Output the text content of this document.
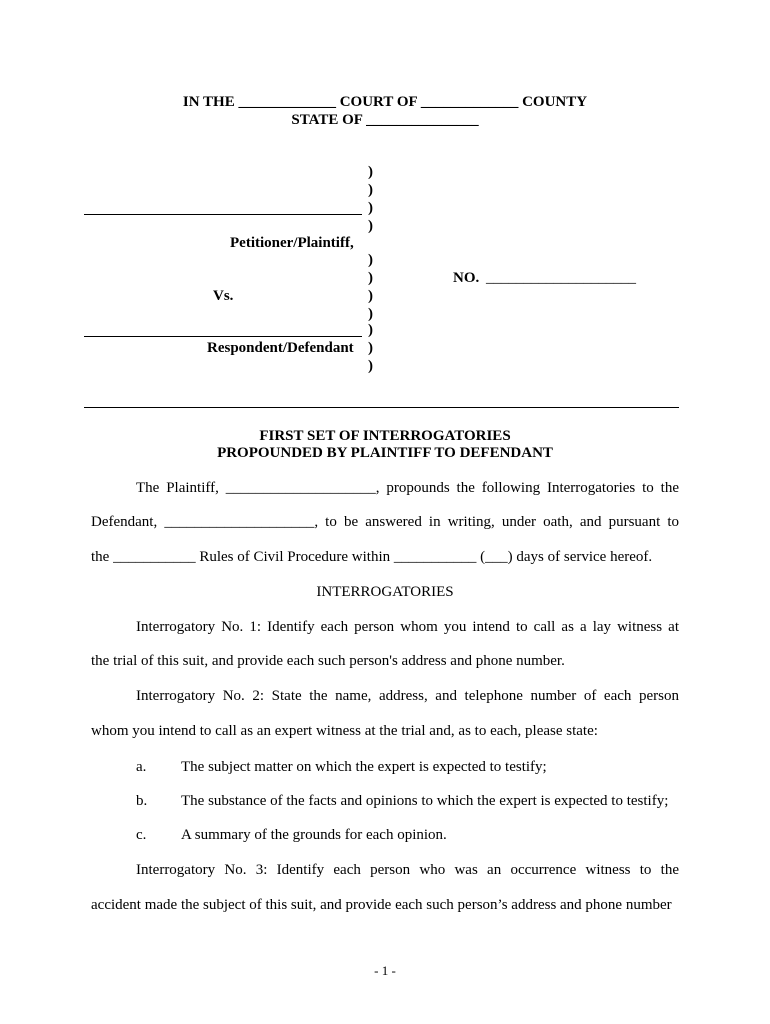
IN THE _____________ COURT OF _____________ COUNTY
STATE OF _______________
)
)
)
)
)
)
)
)
)
)
)
Petitioner/Plaintiff,
Vs.
Respondent/Defendant
NO. ____________________
FIRST SET OF INTERROGATORIES
PROPOUNDED BY PLAINTIFF TO DEFENDANT
The Plaintiff, ____________________, propounds the following Interrogatories to the
Defendant, ____________________, to be answered in writing, under oath, and pursuant to
the ___________ Rules of Civil Procedure within ___________ (___) days of service hereof.
INTERROGATORIES
Interrogatory No. 1: Identify each person whom you intend to call as a lay witness at
the trial of this suit, and provide each such person's address and phone number.
Interrogatory No. 2: State the name, address, and telephone number of each person
whom you intend to call as an expert witness at the trial and, as to each, please state:
a. The subject matter on which the expert is expected to testify;
b. The substance of the facts and opinions to which the expert is expected to testify;
c. A summary of the grounds for each opinion.
Interrogatory No. 3: Identify each person who was an occurrence witness to the
accident made the subject of this suit, and provide each such person’s address and phone number
- 1 -
